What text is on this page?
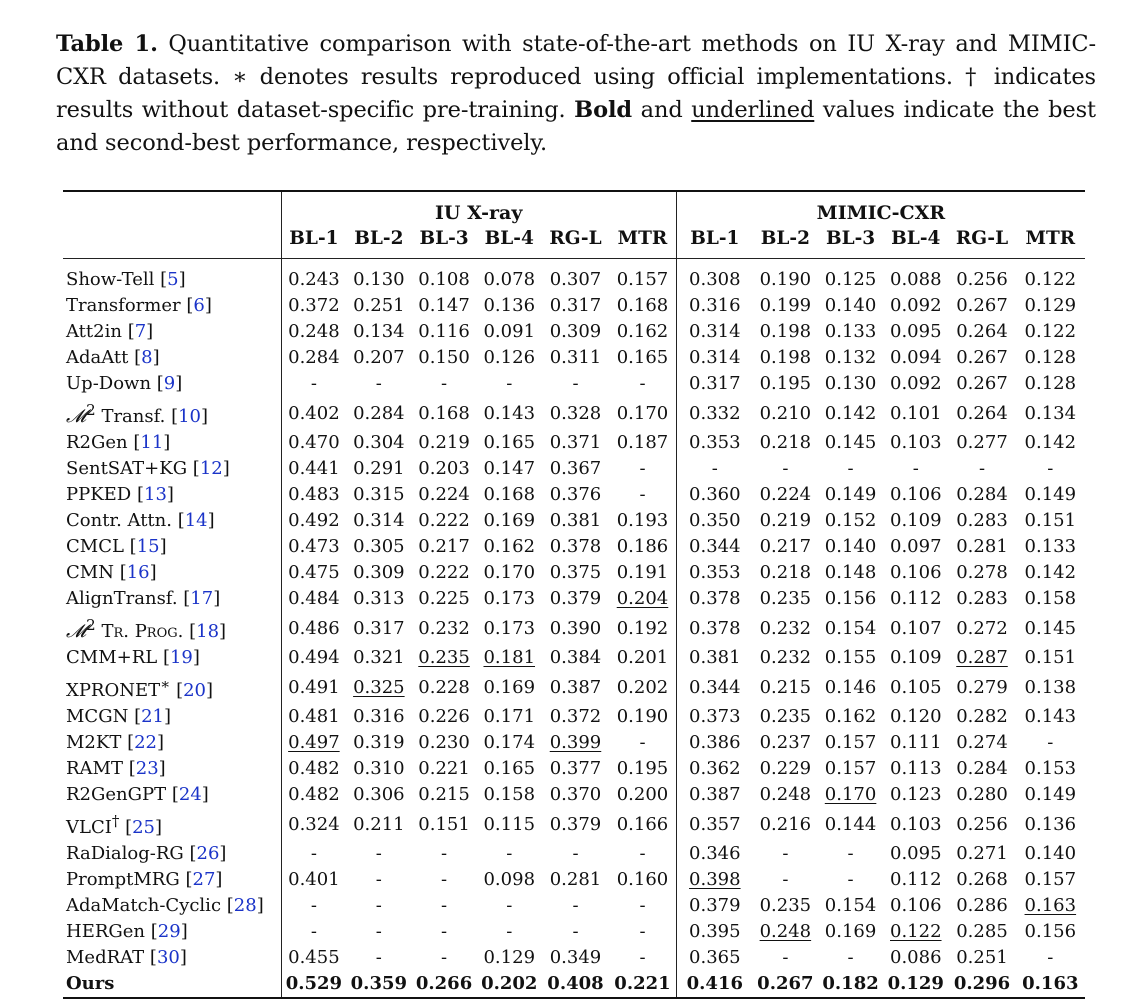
Table 1. Quantitative comparison with state-of-the-art methods on IU X-ray and MIMIC-CXR datasets. ∗ denotes results reproduced using official implementations. † indicates results without dataset-specific pre-training. Bold and underlined values indicate the best and second-best performance, respectively.

	IU X-ray						MIMIC-CXR					
	BL-1	BL-2	BL-3	BL-4	RG-L	MTR	BL-1	BL-2	BL-3	BL-4	RG-L	MTR
Show-Tell [5]	0.243	0.130	0.108	0.078	0.307	0.157	0.308	0.190	0.125	0.088	0.256	0.122
Transformer [6]	0.372	0.251	0.147	0.136	0.317	0.168	0.316	0.199	0.140	0.092	0.267	0.129
Att2in [7]	0.248	0.134	0.116	0.091	0.309	0.162	0.314	0.198	0.133	0.095	0.264	0.122
AdaAtt [8]	0.284	0.207	0.150	0.126	0.311	0.165	0.314	0.198	0.132	0.094	0.267	0.128
Up-Down [9]	-	-	-	-	-	-	0.317	0.195	0.130	0.092	0.267	0.128
𝓜$^2$ Transf. [10]	0.402	0.284	0.168	0.143	0.328	0.170	0.332	0.210	0.142	0.101	0.264	0.134
R2Gen [11]	0.470	0.304	0.219	0.165	0.371	0.187	0.353	0.218	0.145	0.103	0.277	0.142
SentSAT+KG [12]	0.441	0.291	0.203	0.147	0.367	-	-	-	-	-	-	-
PPKED [13]	0.483	0.315	0.224	0.168	0.376	-	0.360	0.224	0.149	0.106	0.284	0.149
Contr. Attn. [14]	0.492	0.314	0.222	0.169	0.381	0.193	0.350	0.219	0.152	0.109	0.283	0.151
CMCL [15]	0.473	0.305	0.217	0.162	0.378	0.186	0.344	0.217	0.140	0.097	0.281	0.133
CMN [16]	0.475	0.309	0.222	0.170	0.375	0.191	0.353	0.218	0.148	0.106	0.278	0.142
AlignTransf. [17]	0.484	0.313	0.225	0.173	0.379	0.204	0.378	0.235	0.156	0.112	0.283	0.158
𝓜$^2$ Tr. Prog. [18]	0.486	0.317	0.232	0.173	0.390	0.192	0.378	0.232	0.154	0.107	0.272	0.145
CMM+RL [19]	0.494	0.321	0.235	0.181	0.384	0.201	0.381	0.232	0.155	0.109	0.287	0.151
XPRONET∗ [20]	0.491	0.325	0.228	0.169	0.387	0.202	0.344	0.215	0.146	0.105	0.279	0.138
MCGN [21]	0.481	0.316	0.226	0.171	0.372	0.190	0.373	0.235	0.162	0.120	0.282	0.143
M2KT [22]	0.497	0.319	0.230	0.174	0.399	-	0.386	0.237	0.157	0.111	0.274	-
RAMT [23]	0.482	0.310	0.221	0.165	0.377	0.195	0.362	0.229	0.157	0.113	0.284	0.153
R2GenGPT [24]	0.482	0.306	0.215	0.158	0.370	0.200	0.387	0.248	0.170	0.123	0.280	0.149
VLCI† [25]	0.324	0.211	0.151	0.115	0.379	0.166	0.357	0.216	0.144	0.103	0.256	0.136
RaDialog-RG [26]	-	-	-	-	-	-	0.346	-	-	0.095	0.271	0.140
PromptMRG [27]	0.401	-	-	0.098	0.281	0.160	0.398	-	-	0.112	0.268	0.157
AdaMatch-Cyclic [28]	-	-	-	-	-	-	0.379	0.235	0.154	0.106	0.286	0.163
HERGen [29]	-	-	-	-	-	-	0.395	0.248	0.169	0.122	0.285	0.156
MedRAT [30]	0.455	-	-	0.129	0.349	-	0.365	-	-	0.086	0.251	-
Ours	0.529	0.359	0.266	0.202	0.408	0.221	0.416	0.267	0.182	0.129	0.296	0.163
